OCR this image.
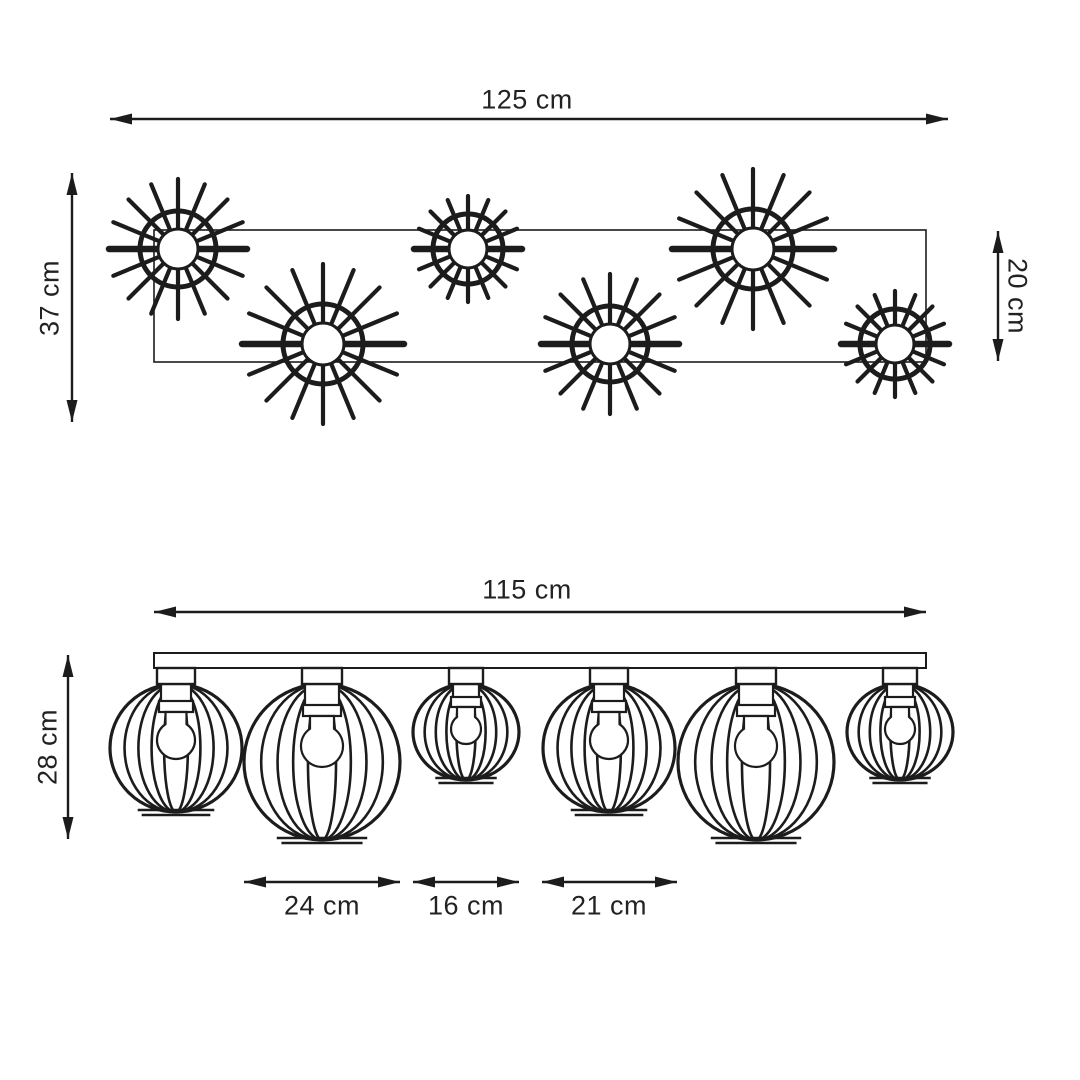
125 cm
37 cm	20 cm
115 cm
28 cm
24 cm	16 cm 21 cm
